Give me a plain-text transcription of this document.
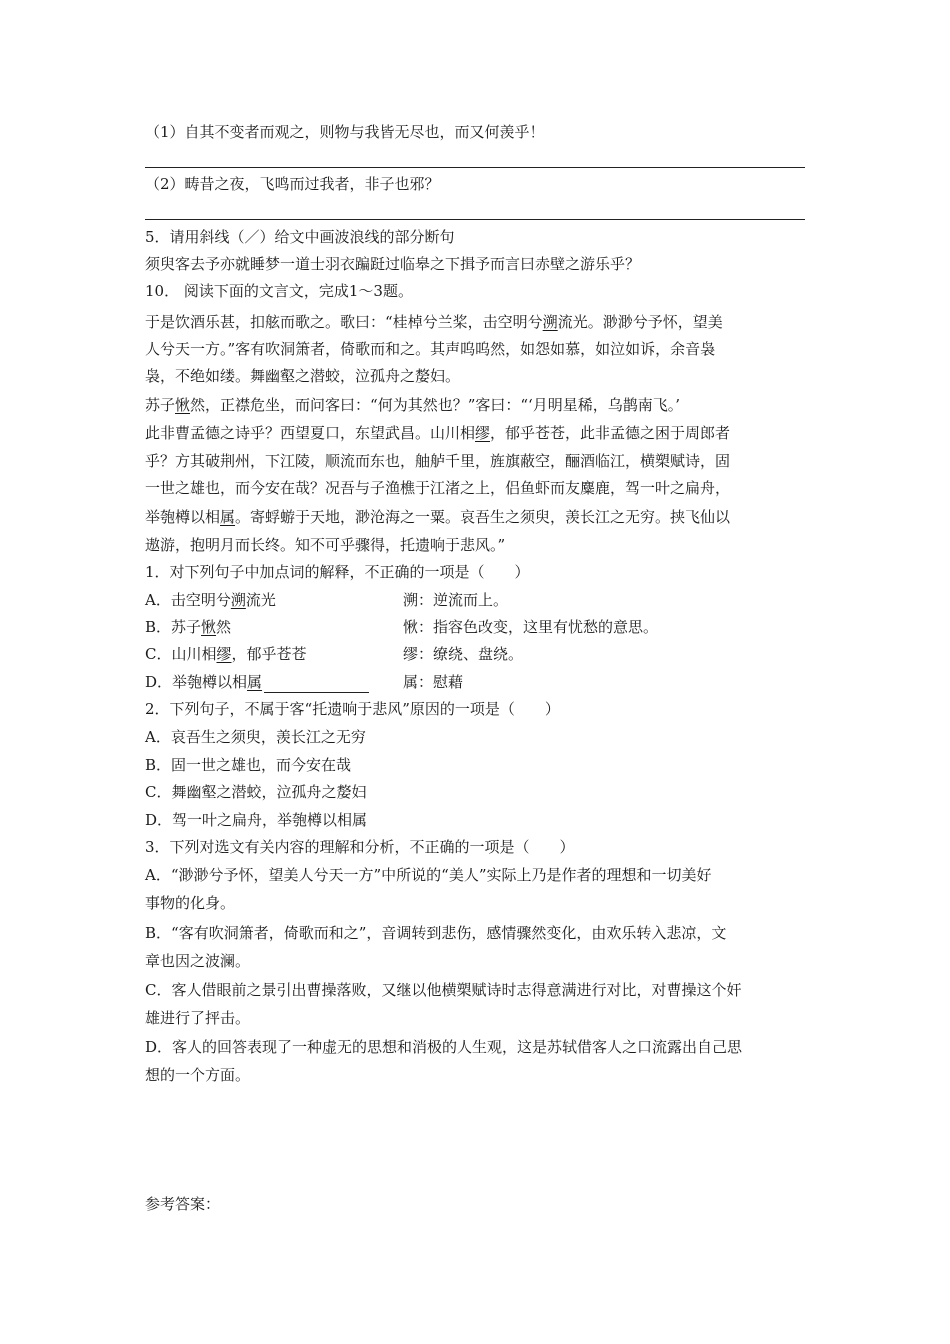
（1）自其不变者而观之，则物与我皆无尽也，而又何羡乎！
（2）畴昔之夜，飞鸣而过我者，非子也邪？
5．请用斜线（／）给文中画波浪线的部分断句
须臾客去予亦就睡梦一道士羽衣蹁跹过临皋之下揖予而言曰赤壁之游乐乎？
10． 阅读下面的文言文，完成1～3题。
于是饮酒乐甚，扣舷而歌之。歌曰：“桂棹兮兰桨，击空明兮溯流光。渺渺兮予怀，望美
人兮天一方。”客有吹洞箫者，倚歌而和之。其声呜呜然，如怨如慕，如泣如诉，余音袅
袅，不绝如缕。舞幽壑之潜蛟，泣孤舟之嫠妇。
苏子愀然，正襟危坐，而问客曰：“何为其然也？”客曰：“‘月明星稀，乌鹊南飞。’
此非曹孟德之诗乎？西望夏口，东望武昌。山川相缪，郁乎苍苍，此非孟德之困于周郎者
乎？方其破荆州，下江陵，顺流而东也，舳舻千里，旌旗蔽空，酾酒临江，横槊赋诗，固
一世之雄也，而今安在哉？况吾与子渔樵于江渚之上，侣鱼虾而友麋鹿，驾一叶之扁舟，
举匏樽以相属。寄蜉蝣于天地，渺沧海之一粟。哀吾生之须臾，羡长江之无穷。挟飞仙以
遨游，抱明月而长终。知不可乎骤得，托遗响于悲风。”
1．对下列句子中加点词的解释，不正确的一项是（　　）
A．击空明兮溯流光	溯：逆流而上。
B．苏子愀然	愀：指容色改变，这里有忧愁的意思。
C．山川相缪，郁乎苍苍	缪：缭绕、盘绕。
D．举匏樽以相属	属：慰藉
2．下列句子，不属于客“托遗响于悲风”原因的一项是（　　）
A．哀吾生之须臾，羡长江之无穷
B．固一世之雄也，而今安在哉
C．舞幽壑之潜蛟，泣孤舟之嫠妇
D．驾一叶之扁舟，举匏樽以相属
3．下列对选文有关内容的理解和分析，不正确的一项是（　　）
A．“渺渺兮予怀，望美人兮天一方”中所说的“美人”实际上乃是作者的理想和一切美好
事物的化身。
B．“客有吹洞箫者，倚歌而和之”，音调转到悲伤，感情骤然变化，由欢乐转入悲凉，文
章也因之波澜。
C．客人借眼前之景引出曹操落败，又继以他横槊赋诗时志得意满进行对比，对曹操这个奸
雄进行了抨击。
D．客人的回答表现了一种虚无的思想和消极的人生观，这是苏轼借客人之口流露出自己思
想的一个方面。
参考答案：
